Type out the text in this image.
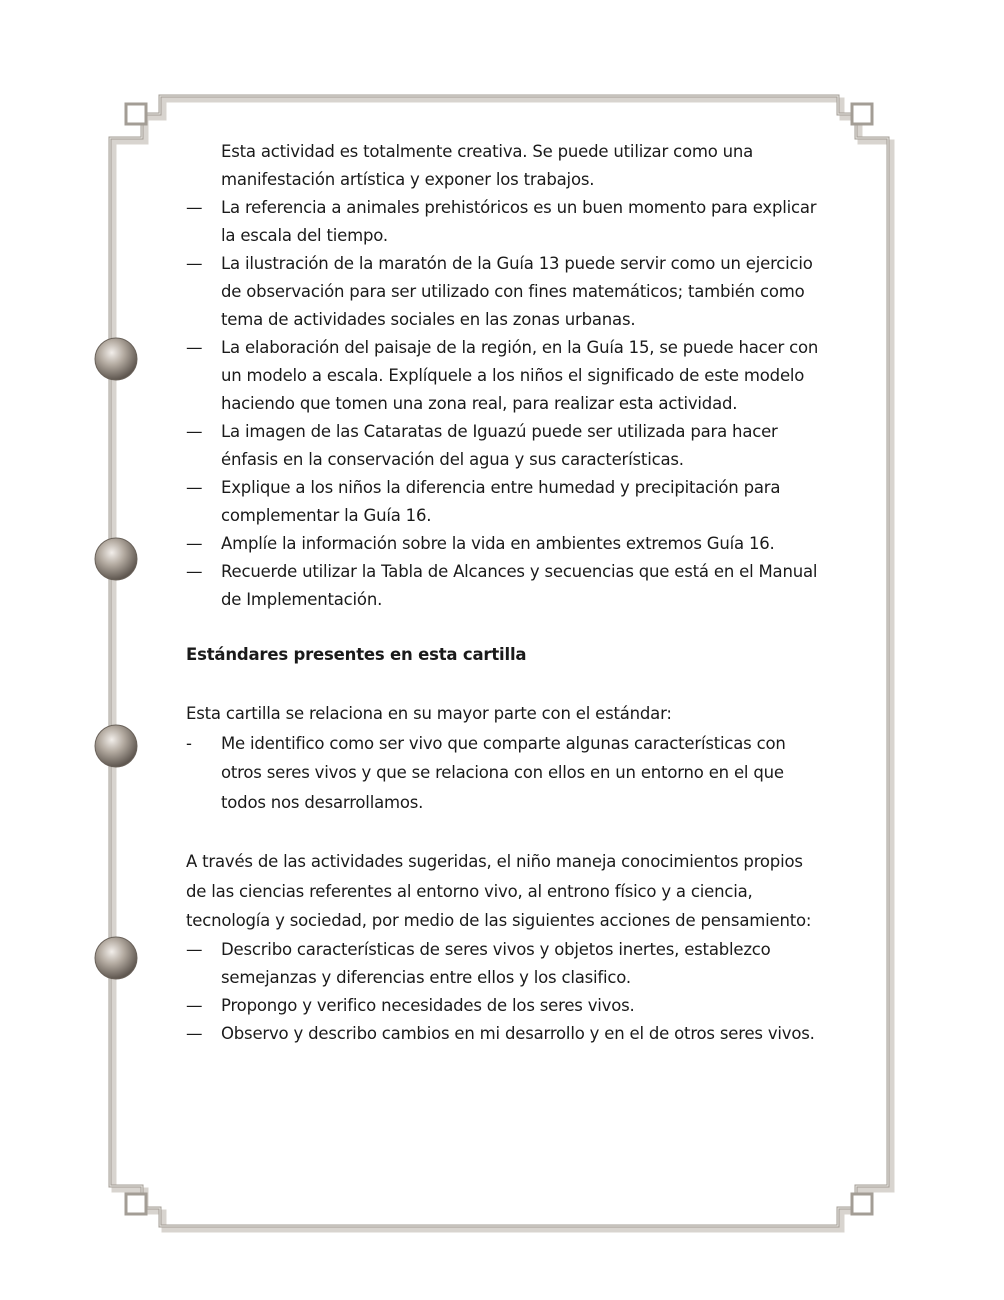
Esta actividad es totalmente creativa. Se puede utilizar como una manifestación artística y exponer los trabajos.
— La referencia a animales prehistóricos es un buen momento para explicar la escala del tiempo.
— La ilustración de la maratón de la Guía 13 puede servir como un ejercicio de observación para ser utilizado con fines matemáticos; también como tema de actividades sociales en las zonas urbanas.
— La elaboración del paisaje de la región, en la Guía 15, se puede hacer con un modelo a escala. Explíquele a los niños el significado de este modelo haciendo que tomen una zona real, para realizar esta actividad.
— La imagen de las Cataratas de Iguazú puede ser utilizada para hacer énfasis en la conservación del agua y sus características.
— Explique a los niños la diferencia entre humedad y precipitación para complementar la Guía 16.
— Amplíe la información sobre la vida en ambientes extremos Guía 16.
— Recuerde utilizar la Tabla de Alcances y secuencias que está en el Manual de Implementación.
Estándares presentes en esta cartilla
Esta cartilla se relaciona en su mayor parte con el estándar:
- Me identifico como ser vivo que comparte algunas características con otros seres vivos y que se relaciona con ellos en un entorno en el que todos nos desarrollamos.
A través de las actividades sugeridas, el niño maneja conocimientos propios de las ciencias referentes al entorno vivo, al entrono físico y a ciencia, tecnología y sociedad, por medio de las siguientes acciones de pensamiento:
— Describo características de seres vivos y objetos inertes, establezco semejanzas y diferencias entre ellos y los clasifico.
— Propongo y verifico necesidades de los seres vivos.
— Observo y describo cambios en mi desarrollo y en el de otros seres vivos.
